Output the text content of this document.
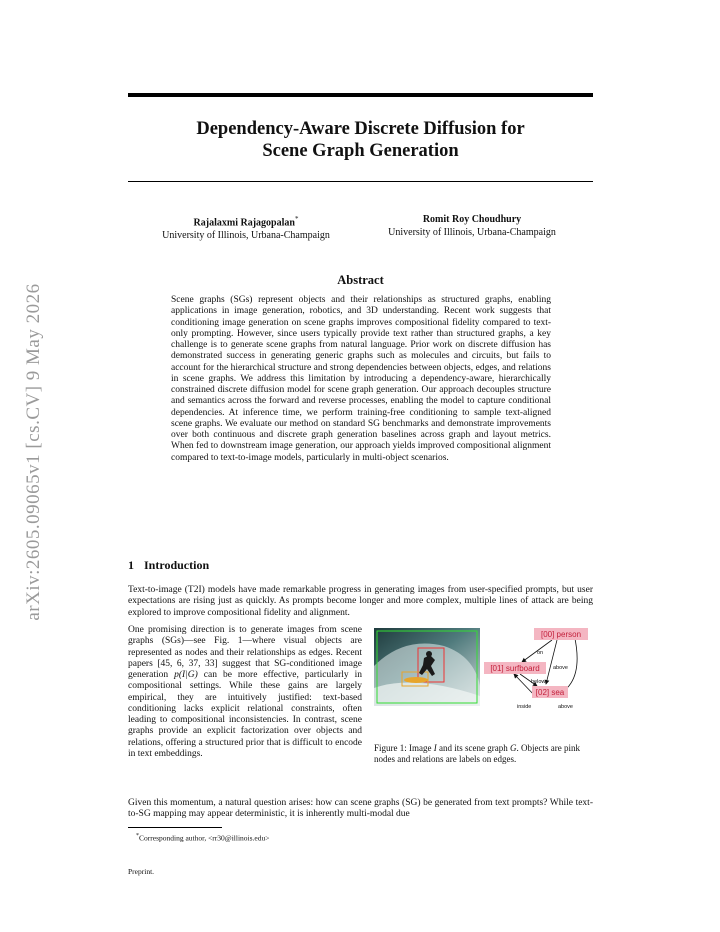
arXiv:2605.09065v1 [cs.CV] 9 May 2026
Dependency-Aware Discrete Diffusion for
Scene Graph Generation
Rajalaxmi Rajagopalan*
University of Illinois, Urbana-Champaign
Romit Roy Choudhury
University of Illinois, Urbana-Champaign
Abstract
Scene graphs (SGs) represent objects and their relationships as structured graphs, enabling applications in image generation, robotics, and 3D understanding. Recent work suggests that conditioning image generation on scene graphs improves compositional fidelity compared to text-only prompting. However, since users typically provide text rather than structured graphs, a key challenge is to generate scene graphs from natural language. Prior work on discrete diffusion has demonstrated success in generating generic graphs such as molecules and circuits, but fails to account for the hierarchical structure and strong dependencies between objects, edges, and relations in scene graphs. We address this limitation by introducing a dependency-aware, hierarchically constrained discrete diffusion model for scene graph generation. Our approach decouples structure and semantics across the forward and reverse processes, enabling the model to capture conditional dependencies. At inference time, we perform training-free conditioning to sample text-aligned scene graphs. We evaluate our method on standard SG benchmarks and demonstrate improvements over both continuous and discrete graph generation baselines across graph and layout metrics. When fed to downstream image generation, our approach yields improved compositional alignment compared to text-to-image models, particularly in multi-object scenarios.
1 Introduction
Text-to-image (T2I) models have made remarkable progress in generating images from user-specified prompts, but user expectations are rising just as quickly. As prompts become longer and more complex, multiple lines of attack are being explored to improve compositional fidelity and alignment.
One promising direction is to generate images from scene graphs (SGs)—see Fig. 1—where visual objects are represented as nodes and their relationships as edges. Recent papers [45, 6, 37, 33] suggest that SG-conditioned image generation p(I|G) can be more effective, particularly in compositional settings. While these gains are largely empirical, they are intuitively justified: text-based conditioning lacks explicit relational constraints, often leading to compositional inconsistencies. In contrast, scene graphs provide an explicit factorization over objects and relations, offering a structured prior that is difficult to encode in text embeddings.
[00] person
[01] surfboard
[02] sea
on
above
below
inside	above
Figure 1: Image I and its scene graph G. Objects are pink nodes and relations are labels on edges.
Given this momentum, a natural question arises: how can scene graphs (SG) be generated from text prompts? While text-to-SG mapping may appear deterministic, it is inherently multi-modal due
*Corresponding author, <rr30@illinois.edu>
Preprint.
